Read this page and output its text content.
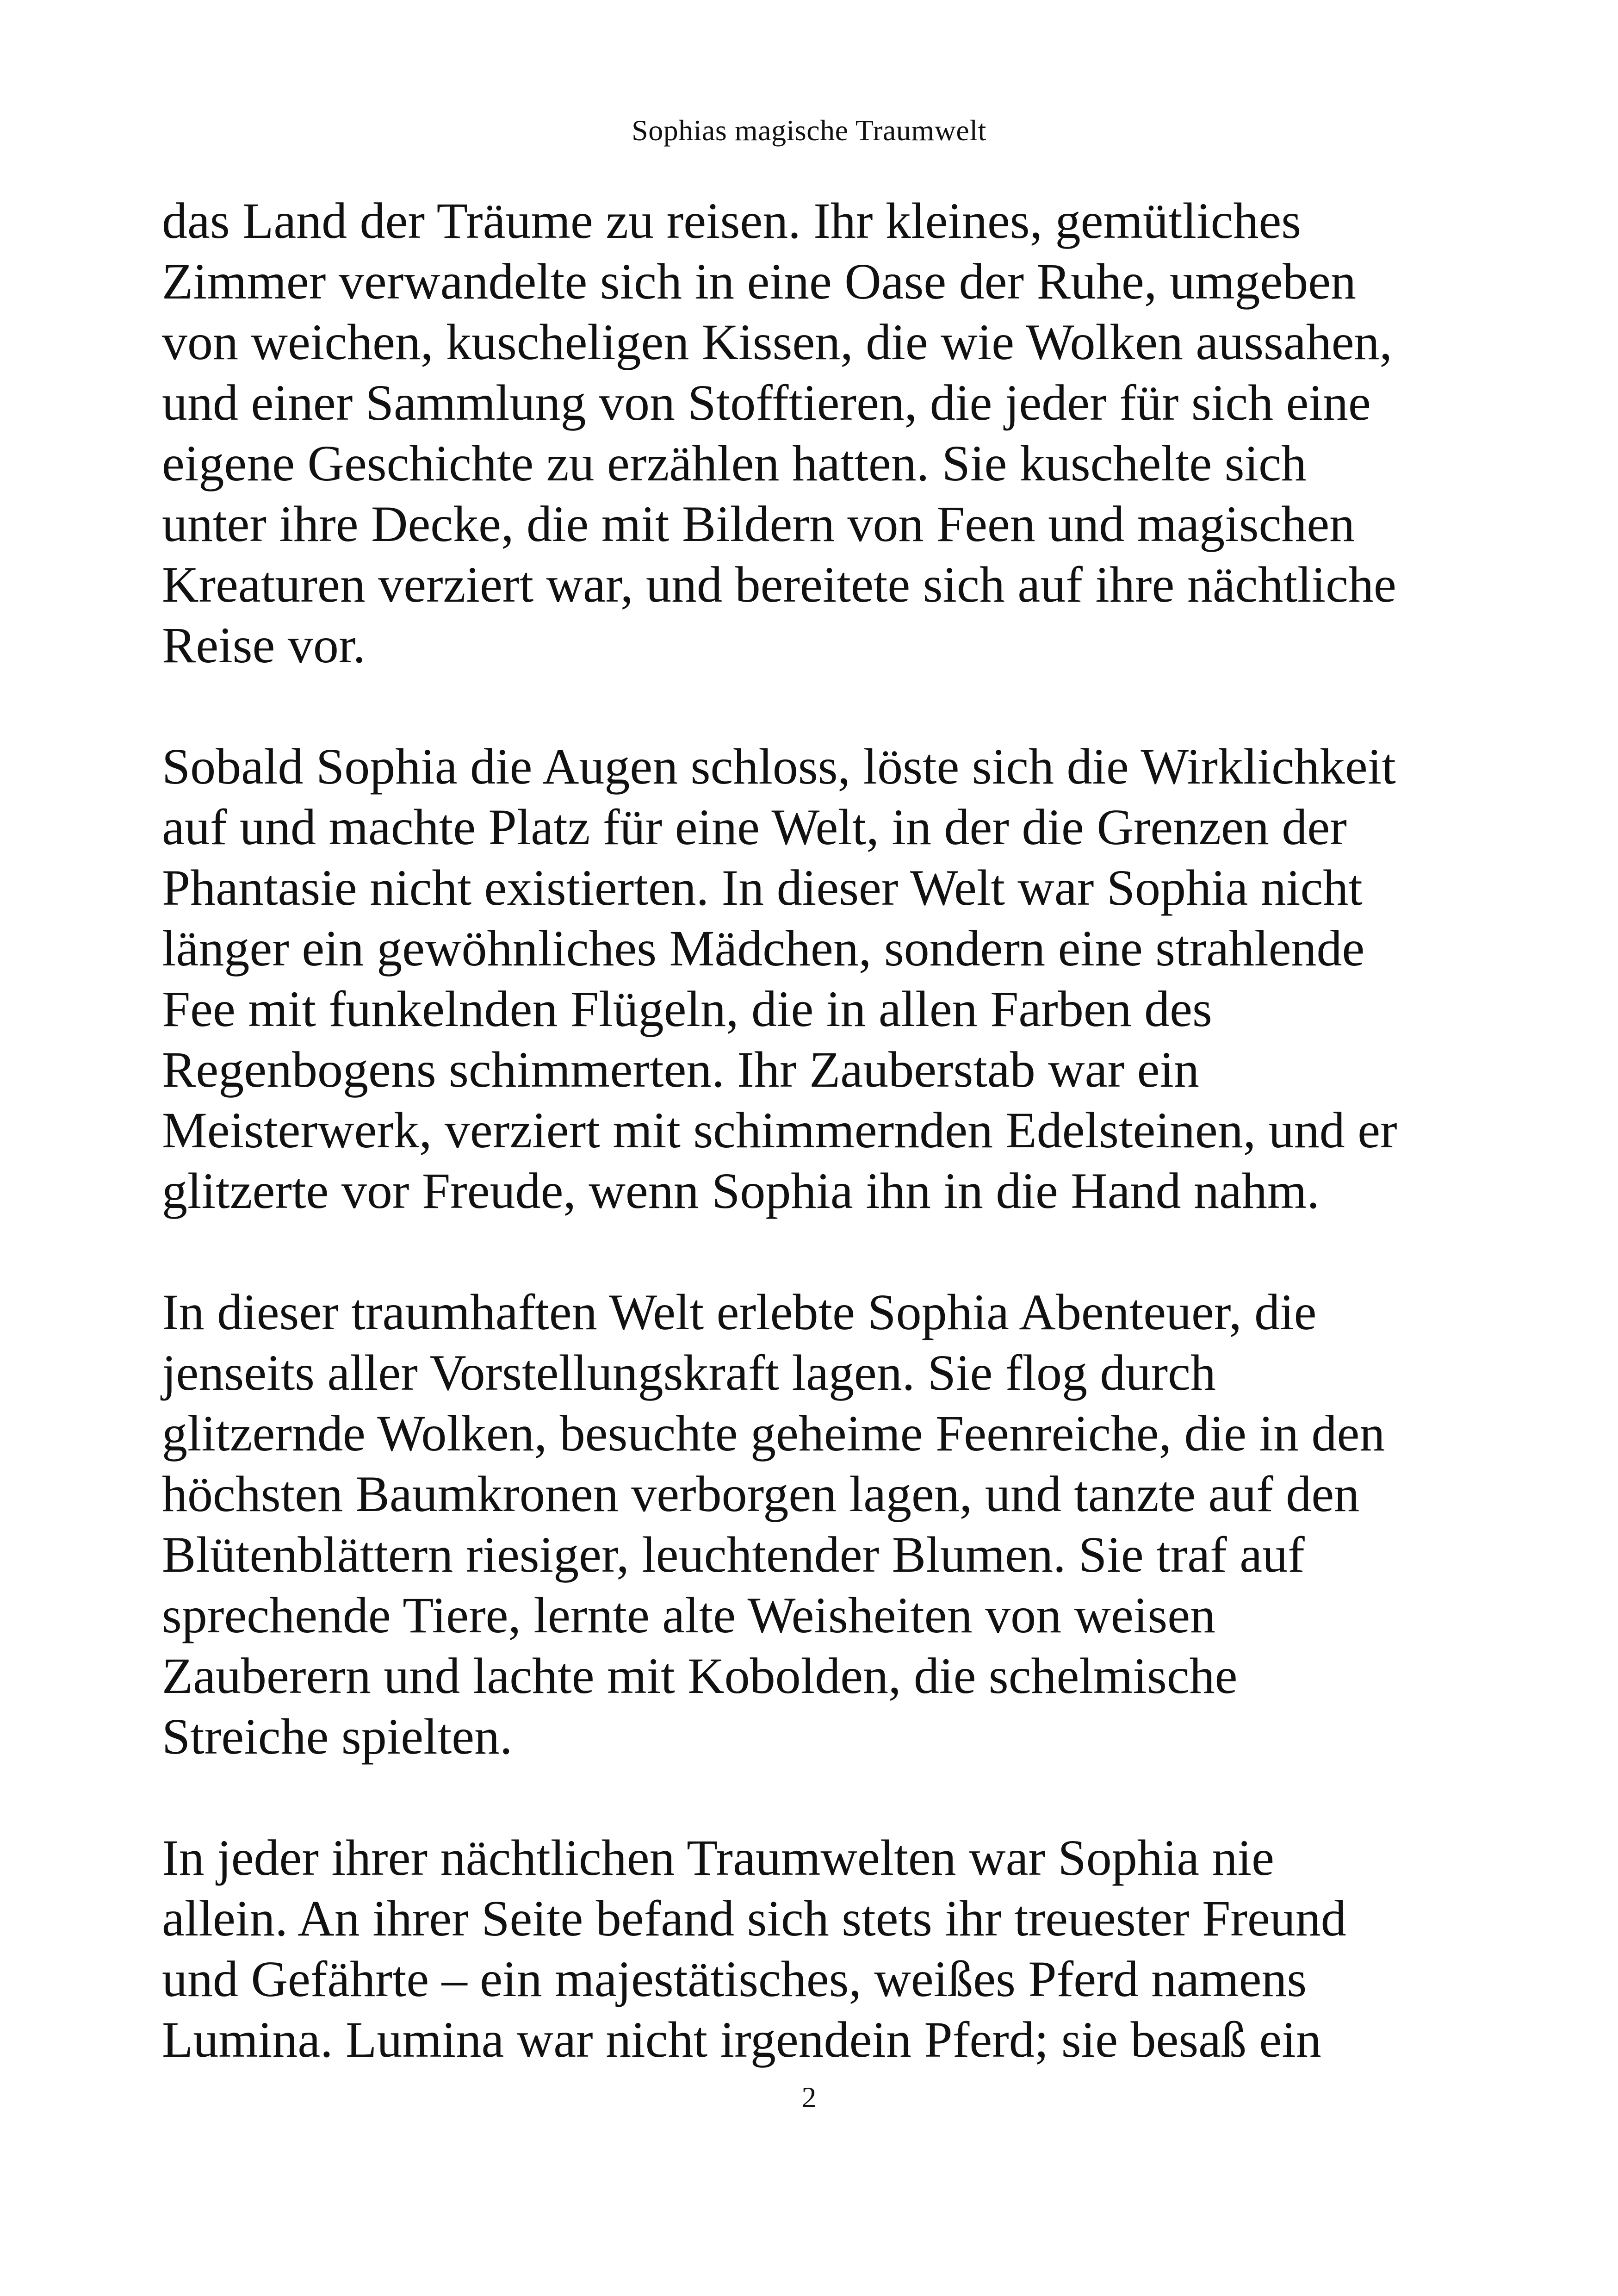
Sophias magische Traumwelt
das Land der Träume zu reisen. Ihr kleines, gemütliches
Zimmer verwandelte sich in eine Oase der Ruhe, umgeben
von weichen, kuscheligen Kissen, die wie Wolken aussahen,
und einer Sammlung von Stofftieren, die jeder für sich eine
eigene Geschichte zu erzählen hatten. Sie kuschelte sich
unter ihre Decke, die mit Bildern von Feen und magischen
Kreaturen verziert war, und bereitete sich auf ihre nächtliche
Reise vor.
Sobald Sophia die Augen schloss, löste sich die Wirklichkeit
auf und machte Platz für eine Welt, in der die Grenzen der
Phantasie nicht existierten. In dieser Welt war Sophia nicht
länger ein gewöhnliches Mädchen, sondern eine strahlende
Fee mit funkelnden Flügeln, die in allen Farben des
Regenbogens schimmerten. Ihr Zauberstab war ein
Meisterwerk, verziert mit schimmernden Edelsteinen, und er
glitzerte vor Freude, wenn Sophia ihn in die Hand nahm.
In dieser traumhaften Welt erlebte Sophia Abenteuer, die
jenseits aller Vorstellungskraft lagen. Sie flog durch
glitzernde Wolken, besuchte geheime Feenreiche, die in den
höchsten Baumkronen verborgen lagen, und tanzte auf den
Blütenblättern riesiger, leuchtender Blumen. Sie traf auf
sprechende Tiere, lernte alte Weisheiten von weisen
Zauberern und lachte mit Kobolden, die schelmische
Streiche spielten.
In jeder ihrer nächtlichen Traumwelten war Sophia nie
allein. An ihrer Seite befand sich stets ihr treuester Freund
und Gefährte – ein majestätisches, weißes Pferd namens
Lumina. Lumina war nicht irgendein Pferd; sie besaß ein
2
